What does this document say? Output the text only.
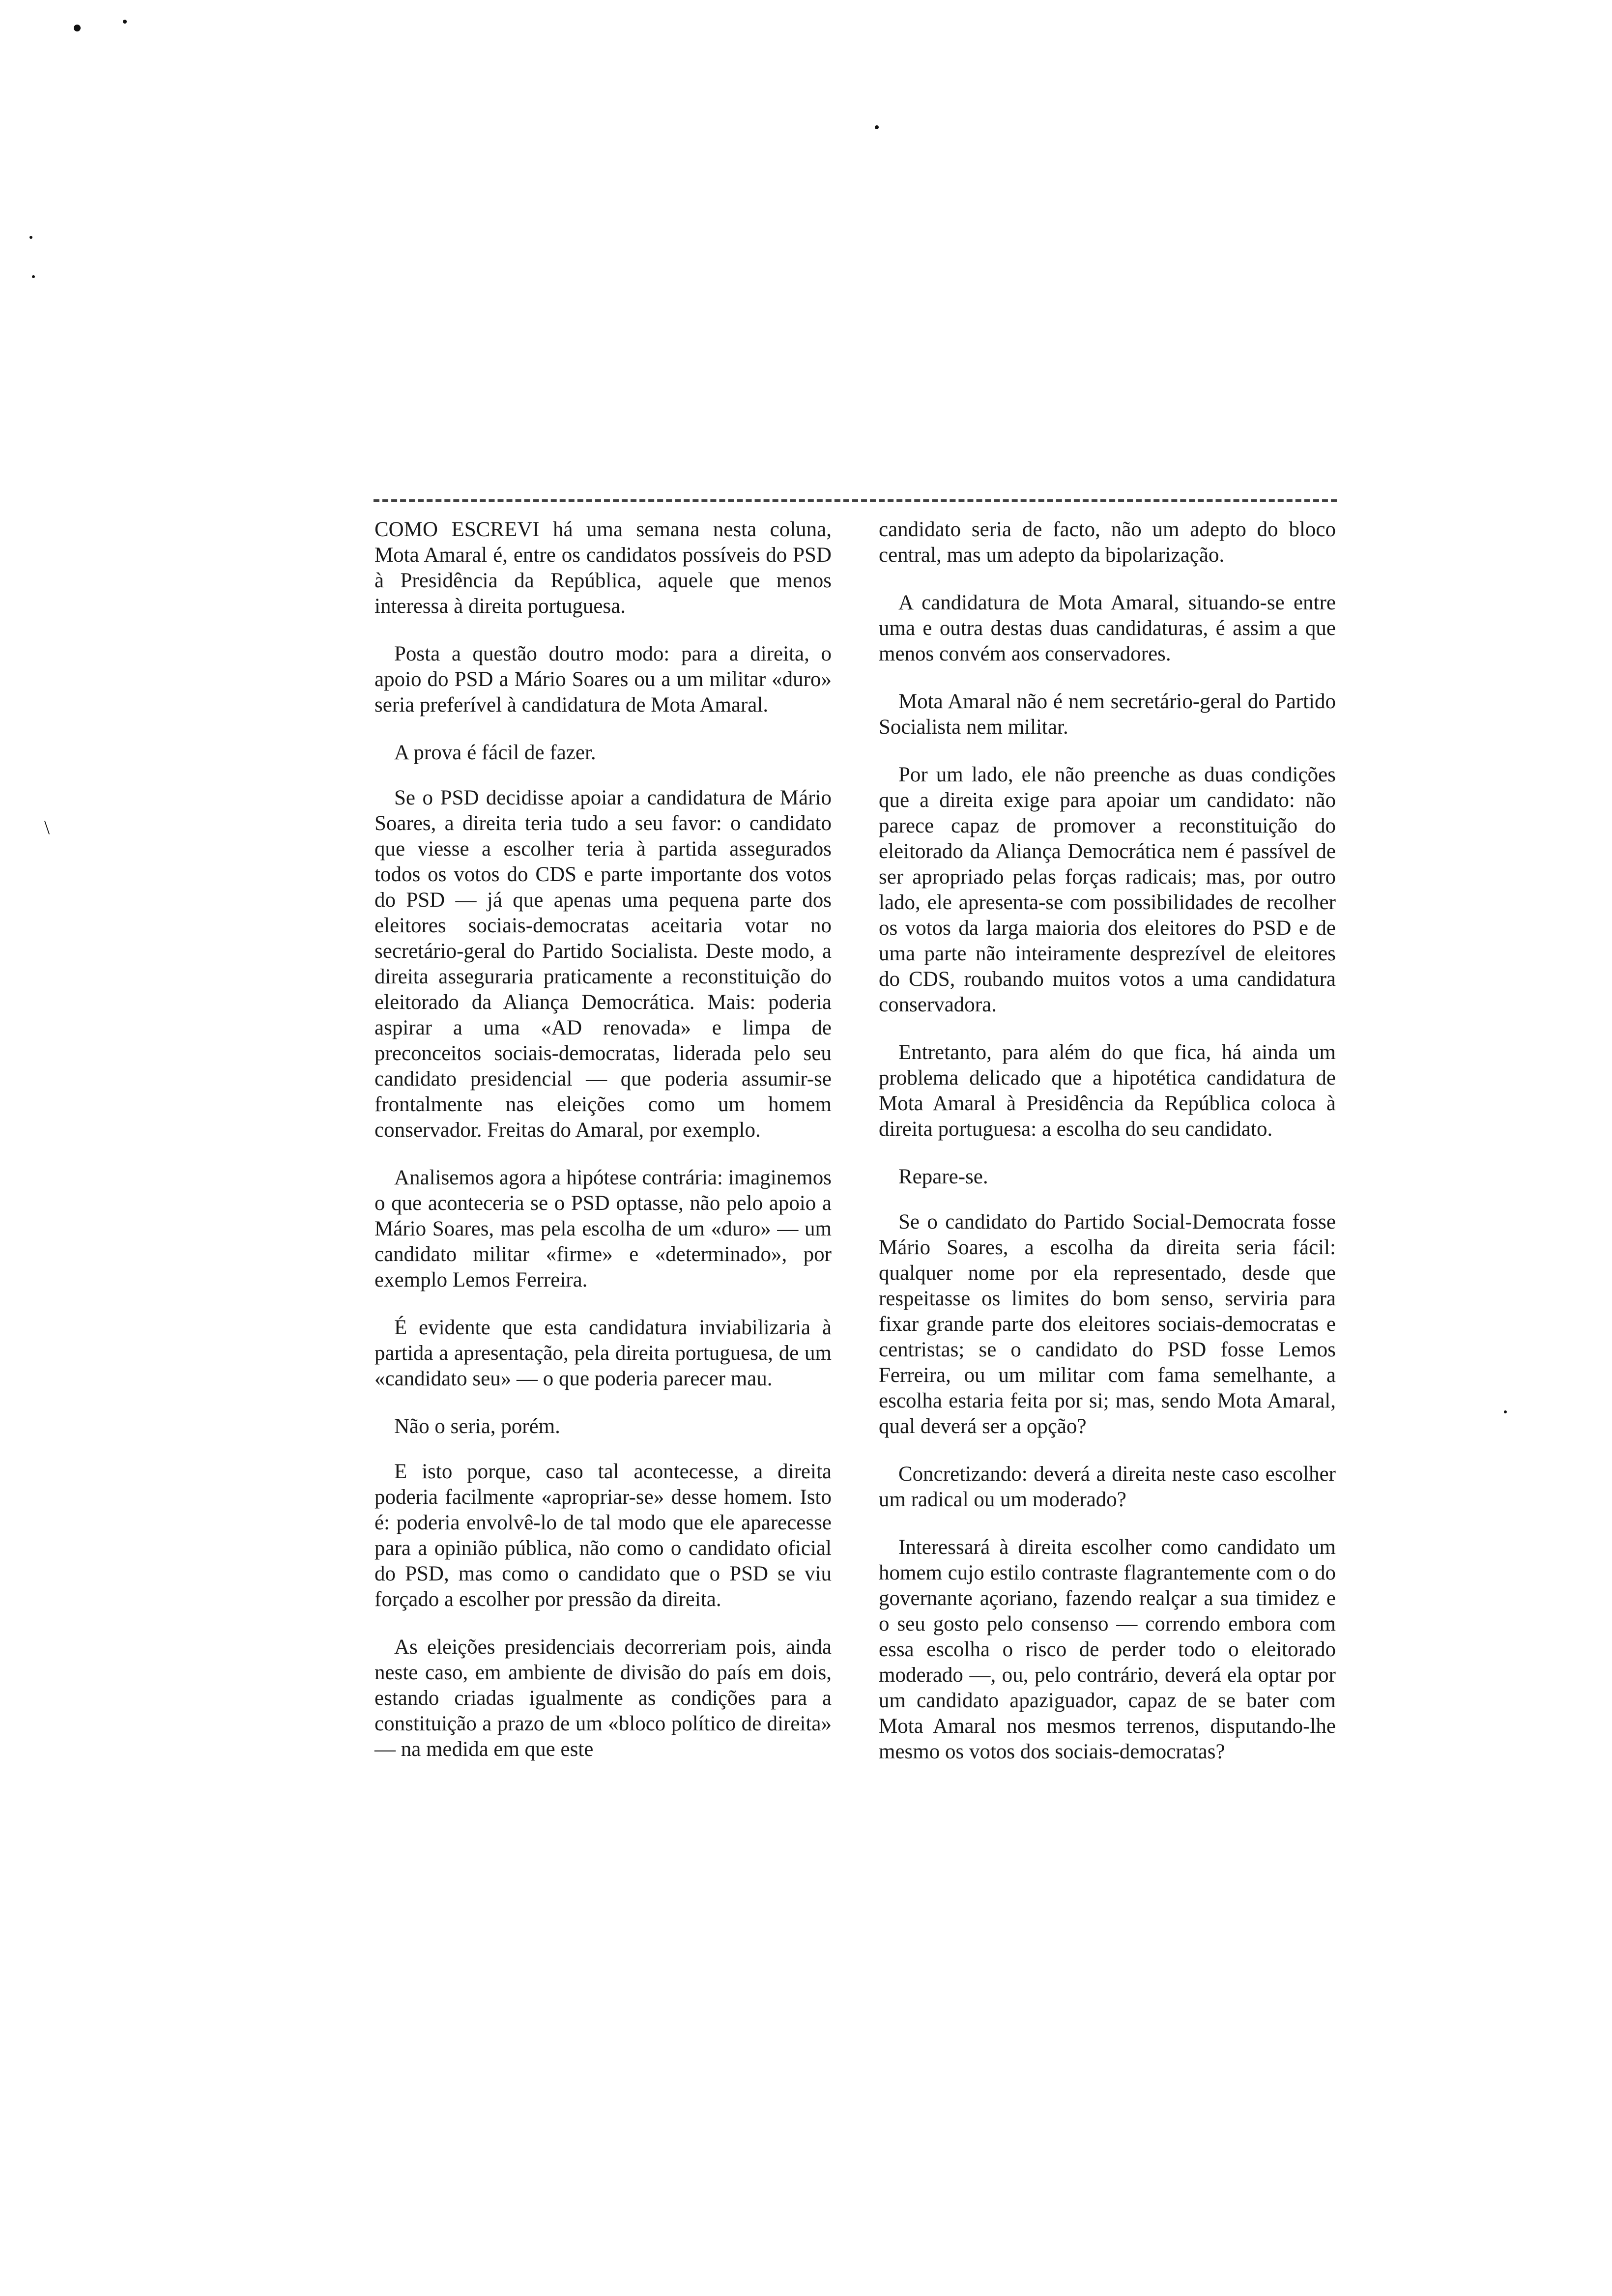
\

COMO ESCREVI há uma semana nesta coluna, Mota Amaral é, entre os candidatos possíveis do PSD à Presidência da República, aquele que menos interessa à direita portuguesa.

Posta a questão doutro modo: para a direita, o apoio do PSD a Mário Soares ou a um militar «duro» seria preferível à candidatura de Mota Amaral.

A prova é fácil de fazer.

Se o PSD decidisse apoiar a candidatura de Mário Soares, a direita teria tudo a seu favor: o candidato que viesse a escolher teria à partida assegurados todos os votos do CDS e parte importante dos votos do PSD — já que apenas uma pequena parte dos eleitores sociais-democratas aceitaria votar no secretário-geral do Partido Socialista. Deste modo, a direita asseguraria praticamente a reconstituição do eleitorado da Aliança Democrática. Mais: poderia aspirar a uma «AD renovada» e limpa de preconceitos sociais-democratas, liderada pelo seu candidato presidencial — que poderia assumir-se frontalmente nas eleições como um homem conservador. Freitas do Amaral, por exemplo.

Analisemos agora a hipótese contrária: imaginemos o que aconteceria se o PSD optasse, não pelo apoio a Mário Soares, mas pela escolha de um «duro» — um candidato militar «firme» e «determinado», por exemplo Lemos Ferreira.

É evidente que esta candidatura inviabilizaria à partida a apresentação, pela direita portuguesa, de um «candidato seu» — o que poderia parecer mau.

Não o seria, porém.

E isto porque, caso tal acontecesse, a direita poderia facilmente «apropriar-se» desse homem. Isto é: poderia envolvê-lo de tal modo que ele aparecesse para a opinião pública, não como o candidato oficial do PSD, mas como o candidato que o PSD se viu forçado a escolher por pressão da direita.

As eleições presidenciais decorreriam pois, ainda neste caso, em ambiente de divisão do país em dois, estando criadas igualmente as condições para a constituição a prazo de um «bloco político de direita» — na medida em que este

candidato seria de facto, não um adepto do bloco central, mas um adepto da bipolarização.

A candidatura de Mota Amaral, situando-se entre uma e outra destas duas candidaturas, é assim a que menos convém aos conservadores.

Mota Amaral não é nem secretário-geral do Partido Socialista nem militar.

Por um lado, ele não preenche as duas condições que a direita exige para apoiar um candidato: não parece capaz de promover a reconstituição do eleitorado da Aliança Democrática nem é passível de ser apropriado pelas forças radicais; mas, por outro lado, ele apresenta-se com possibilidades de recolher os votos da larga maioria dos eleitores do PSD e de uma parte não inteiramente desprezível de eleitores do CDS, roubando muitos votos a uma candidatura conservadora.

Entretanto, para além do que fica, há ainda um problema delicado que a hipotética candidatura de Mota Amaral à Presidência da República coloca à direita portuguesa: a escolha do seu candidato.

Repare-se.

Se o candidato do Partido Social-Democrata fosse Mário Soares, a escolha da direita seria fácil: qualquer nome por ela representado, desde que respeitasse os limites do bom senso, serviria para fixar grande parte dos eleitores sociais-democratas e centristas; se o candidato do PSD fosse Lemos Ferreira, ou um militar com fama semelhante, a escolha estaria feita por si; mas, sendo Mota Amaral, qual deverá ser a opção?

Concretizando: deverá a direita neste caso escolher um radical ou um moderado?

Interessará à direita escolher como candidato um homem cujo estilo contraste flagrantemente com o do governante açoriano, fazendo realçar a sua timidez e o seu gosto pelo consenso — correndo embora com essa escolha o risco de perder todo o eleitorado moderado —, ou, pelo contrário, deverá ela optar por um candidato apaziguador, capaz de se bater com Mota Amaral nos mesmos terrenos, disputando-lhe mesmo os votos dos sociais-democratas?
